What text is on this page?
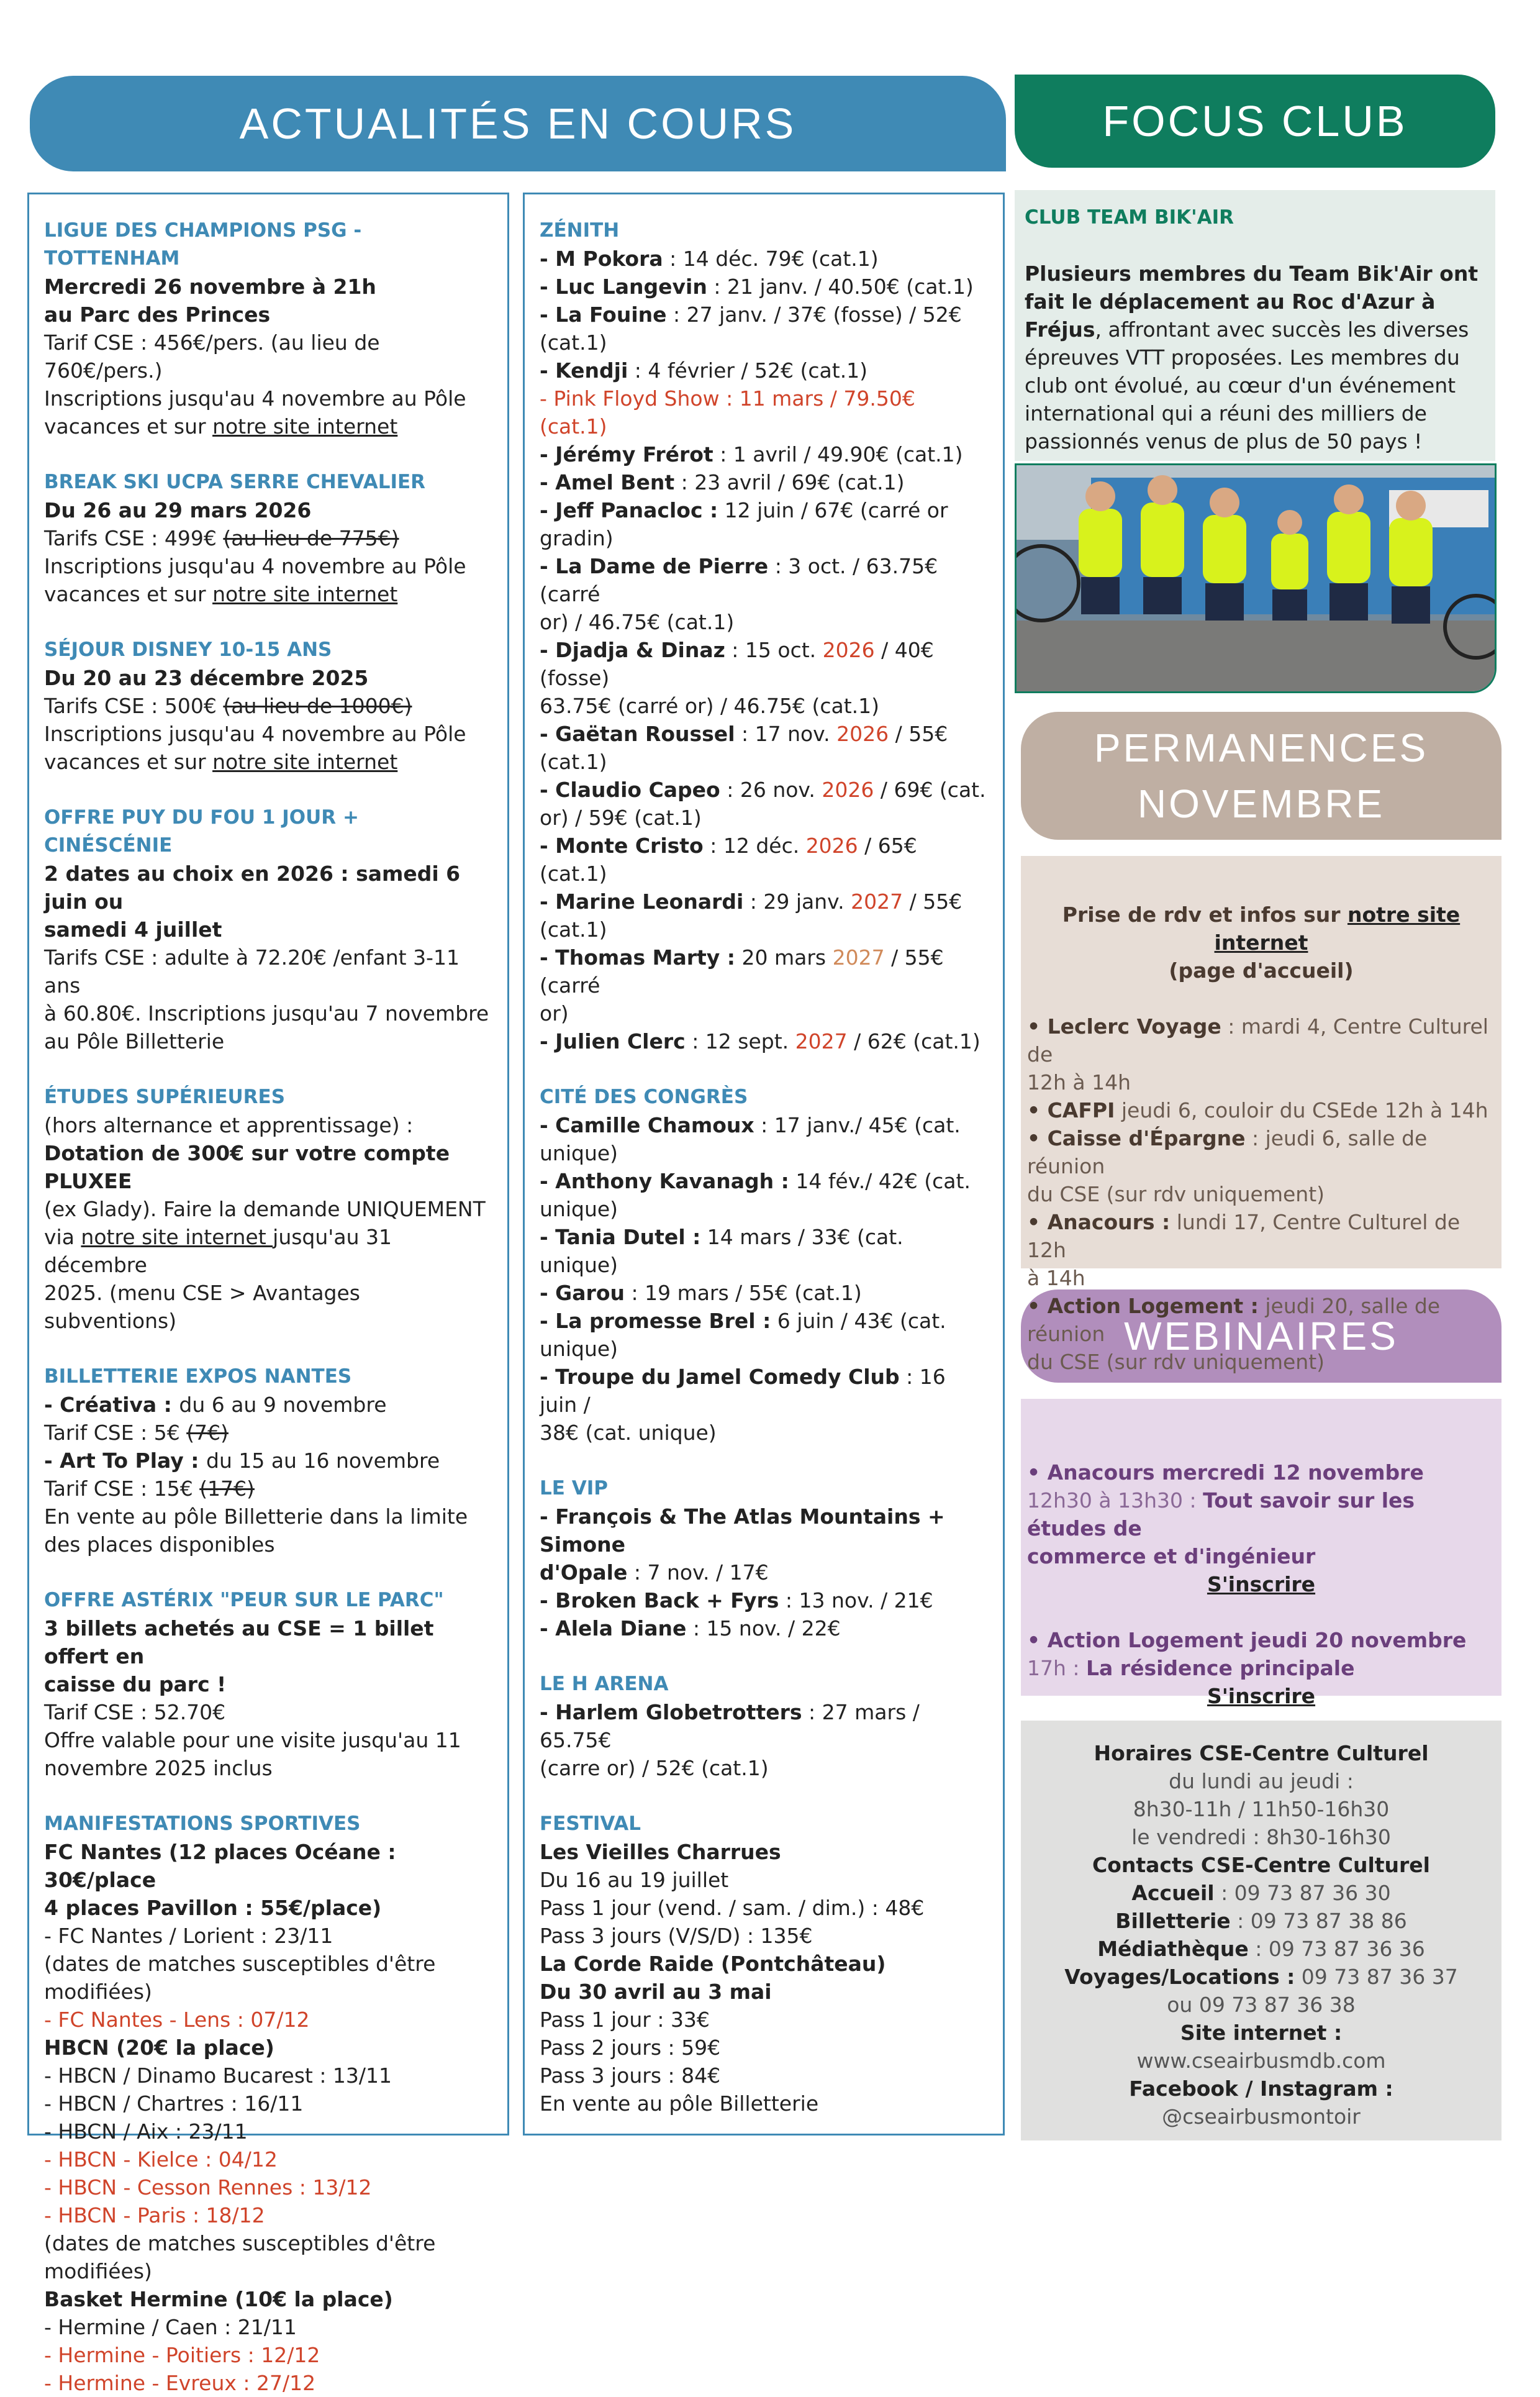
ACTUALITÉS EN COURS	FOCUS CLUB
PERMANENCES
NOVEMBRE
WEBINAIRES
LIGUE DES CHAMPIONS PSG - TOTTENHAM
Mercredi 26 novembre à 21h
au Parc des Princes
Tarif CSE : 456€/pers. (au lieu de 760€/pers.)
Inscriptions jusqu'au 4 novembre au Pôle
vacances et sur notre site internet
BREAK SKI UCPA SERRE CHEVALIER
Du 26 au 29 mars 2026
Tarifs CSE : 499€ (au lieu de 775€)
Inscriptions jusqu'au 4 novembre au Pôle
vacances et sur notre site internet
SÉJOUR DISNEY 10-15 ANS
Du 20 au 23 décembre 2025
Tarifs CSE : 500€ (au lieu de 1000€)
Inscriptions jusqu'au 4 novembre au Pôle
vacances et sur notre site internet
OFFRE PUY DU FOU 1 JOUR + CINÉSCÉNIE
2 dates au choix en 2026 : samedi 6 juin ou
samedi 4 juillet
Tarifs CSE : adulte à 72.20€ /enfant 3-11 ans
à 60.80€. Inscriptions jusqu'au 7 novembre
au Pôle Billetterie
ÉTUDES SUPÉRIEURES
(hors alternance et apprentissage) :
Dotation de 300€ sur votre compte PLUXEE
(ex Glady). Faire la demande UNIQUEMENT
via notre site internet jusqu'au 31 décembre
2025. (menu CSE > Avantages subventions)
BILLETTERIE EXPOS NANTES
- Créativa : du 6 au 9 novembre
Tarif CSE : 5€ (7€)
- Art To Play : du 15 au 16 novembre
Tarif CSE : 15€ (17€)
En vente au pôle Billetterie dans la limite
des places disponibles
OFFRE ASTÉRIX "PEUR SUR LE PARC"
3 billets achetés au CSE = 1 billet offert en
caisse du parc !
Tarif CSE : 52.70€
Offre valable pour une visite jusqu'au 11
novembre 2025 inclus
MANIFESTATIONS SPORTIVES
FC Nantes (12 places Océane : 30€/place
4 places Pavillon : 55€/place)
- FC Nantes / Lorient : 23/11
(dates de matches susceptibles d'être
modifiées)
- FC Nantes - Lens : 07/12
HBCN (20€ la place)
- HBCN / Dinamo Bucarest : 13/11
- HBCN / Chartres : 16/11
- HBCN / Aix : 23/11
- HBCN - Kielce : 04/12
- HBCN - Cesson Rennes : 13/12
- HBCN - Paris : 18/12
(dates de matches susceptibles d'être
modifiées)
Basket Hermine (10€ la place)
- Hermine / Caen : 21/11
- Hermine - Poitiers : 12/12
- Hermine - Evreux : 27/12
ZÉNITH
- M Pokora : 14 déc. 79€ (cat.1)
- Luc Langevin : 21 janv. / 40.50€ (cat.1)
- La Fouine : 27 janv. / 37€ (fosse) / 52€
(cat.1)
- Kendji : 4 février / 52€ (cat.1)
- Pink Floyd Show : 11 mars / 79.50€ (cat.1)
- Jérémy Frérot : 1 avril / 49.90€ (cat.1)
- Amel Bent : 23 avril / 69€ (cat.1)
- Jeff Panacloc : 12 juin / 67€ (carré or
gradin)
- La Dame de Pierre : 3 oct. / 63.75€ (carré
or) / 46.75€ (cat.1)
- Djadja & Dinaz : 15 oct. 2026 / 40€ (fosse)
63.75€ (carré or) / 46.75€ (cat.1)
- Gaëtan Roussel : 17 nov. 2026 / 55€ (cat.1)
- Claudio Capeo : 26 nov. 2026 / 69€ (cat.
or) / 59€ (cat.1)
- Monte Cristo : 12 déc. 2026 / 65€ (cat.1)
- Marine Leonardi : 29 janv. 2027 / 55€
(cat.1)
- Thomas Marty : 20 mars 2027 / 55€ (carré
or)
- Julien Clerc : 12 sept. 2027 / 62€ (cat.1)
CITÉ DES CONGRÈS
- Camille Chamoux : 17 janv./ 45€ (cat.
unique)
- Anthony Kavanagh : 14 fév./ 42€ (cat.
unique)
- Tania Dutel : 14 mars / 33€ (cat. unique)
- Garou : 19 mars / 55€ (cat.1)
- La promesse Brel : 6 juin / 43€ (cat.
unique)
- Troupe du Jamel Comedy Club : 16 juin /
38€ (cat. unique)
LE VIP
- François & The Atlas Mountains + Simone
d'Opale : 7 nov. / 17€
- Broken Back + Fyrs : 13 nov. / 21€
- Alela Diane : 15 nov. / 22€
LE H ARENA
- Harlem Globetrotters : 27 mars / 65.75€
(carre or) / 52€ (cat.1)
FESTIVAL
Les Vieilles Charrues
Du 16 au 19 juillet
Pass 1 jour (vend. / sam. / dim.) : 48€
Pass 3 jours (V/S/D) : 135€
La Corde Raide (Pontchâteau)
Du 30 avril au 3 mai
Pass 1 jour : 33€
Pass 2 jours : 59€
Pass 3 jours : 84€
En vente au pôle Billetterie
CLUB TEAM BIK'AIR
Plusieurs membres du Team Bik'Air ont
fait le déplacement au Roc d'Azur à
Fréjus, affrontant avec succès les diverses
épreuves VTT proposées. Les membres du
club ont évolué, au cœur d'un événement
international qui a réuni des milliers de
passionnés venus de plus de 50 pays !
Prise de rdv et infos sur notre site internet
(page d'accueil)
• Leclerc Voyage : mardi 4, Centre Culturel de
12h à 14h
• CAFPI jeudi 6, couloir du CSEde 12h à 14h
• Caisse d'Épargne : jeudi 6, salle de réunion
du CSE (sur rdv uniquement)
• Anacours : lundi 17, Centre Culturel de 12h
à 14h
• Action Logement : jeudi 20, salle de réunion
du CSE (sur rdv uniquement)
• Anacours mercredi 12 novembre
12h30 à 13h30 : Tout savoir sur les études de
commerce et d'ingénieur
S'inscrire
• Action Logement jeudi 20 novembre
17h : La résidence principale
S'inscrire
Horaires CSE-Centre Culturel
du lundi au jeudi :
8h30-11h / 11h50-16h30
le vendredi : 8h30-16h30
Contacts CSE-Centre Culturel
Accueil : 09 73 87 36 30
Billetterie : 09 73 87 38 86
Médiathèque : 09 73 87 36 36
Voyages/Locations : 09 73 87 36 37
ou 09 73 87 36 38
Site internet :
www.cseairbusmdb.com
Facebook / Instagram :
@cseairbusmontoir
